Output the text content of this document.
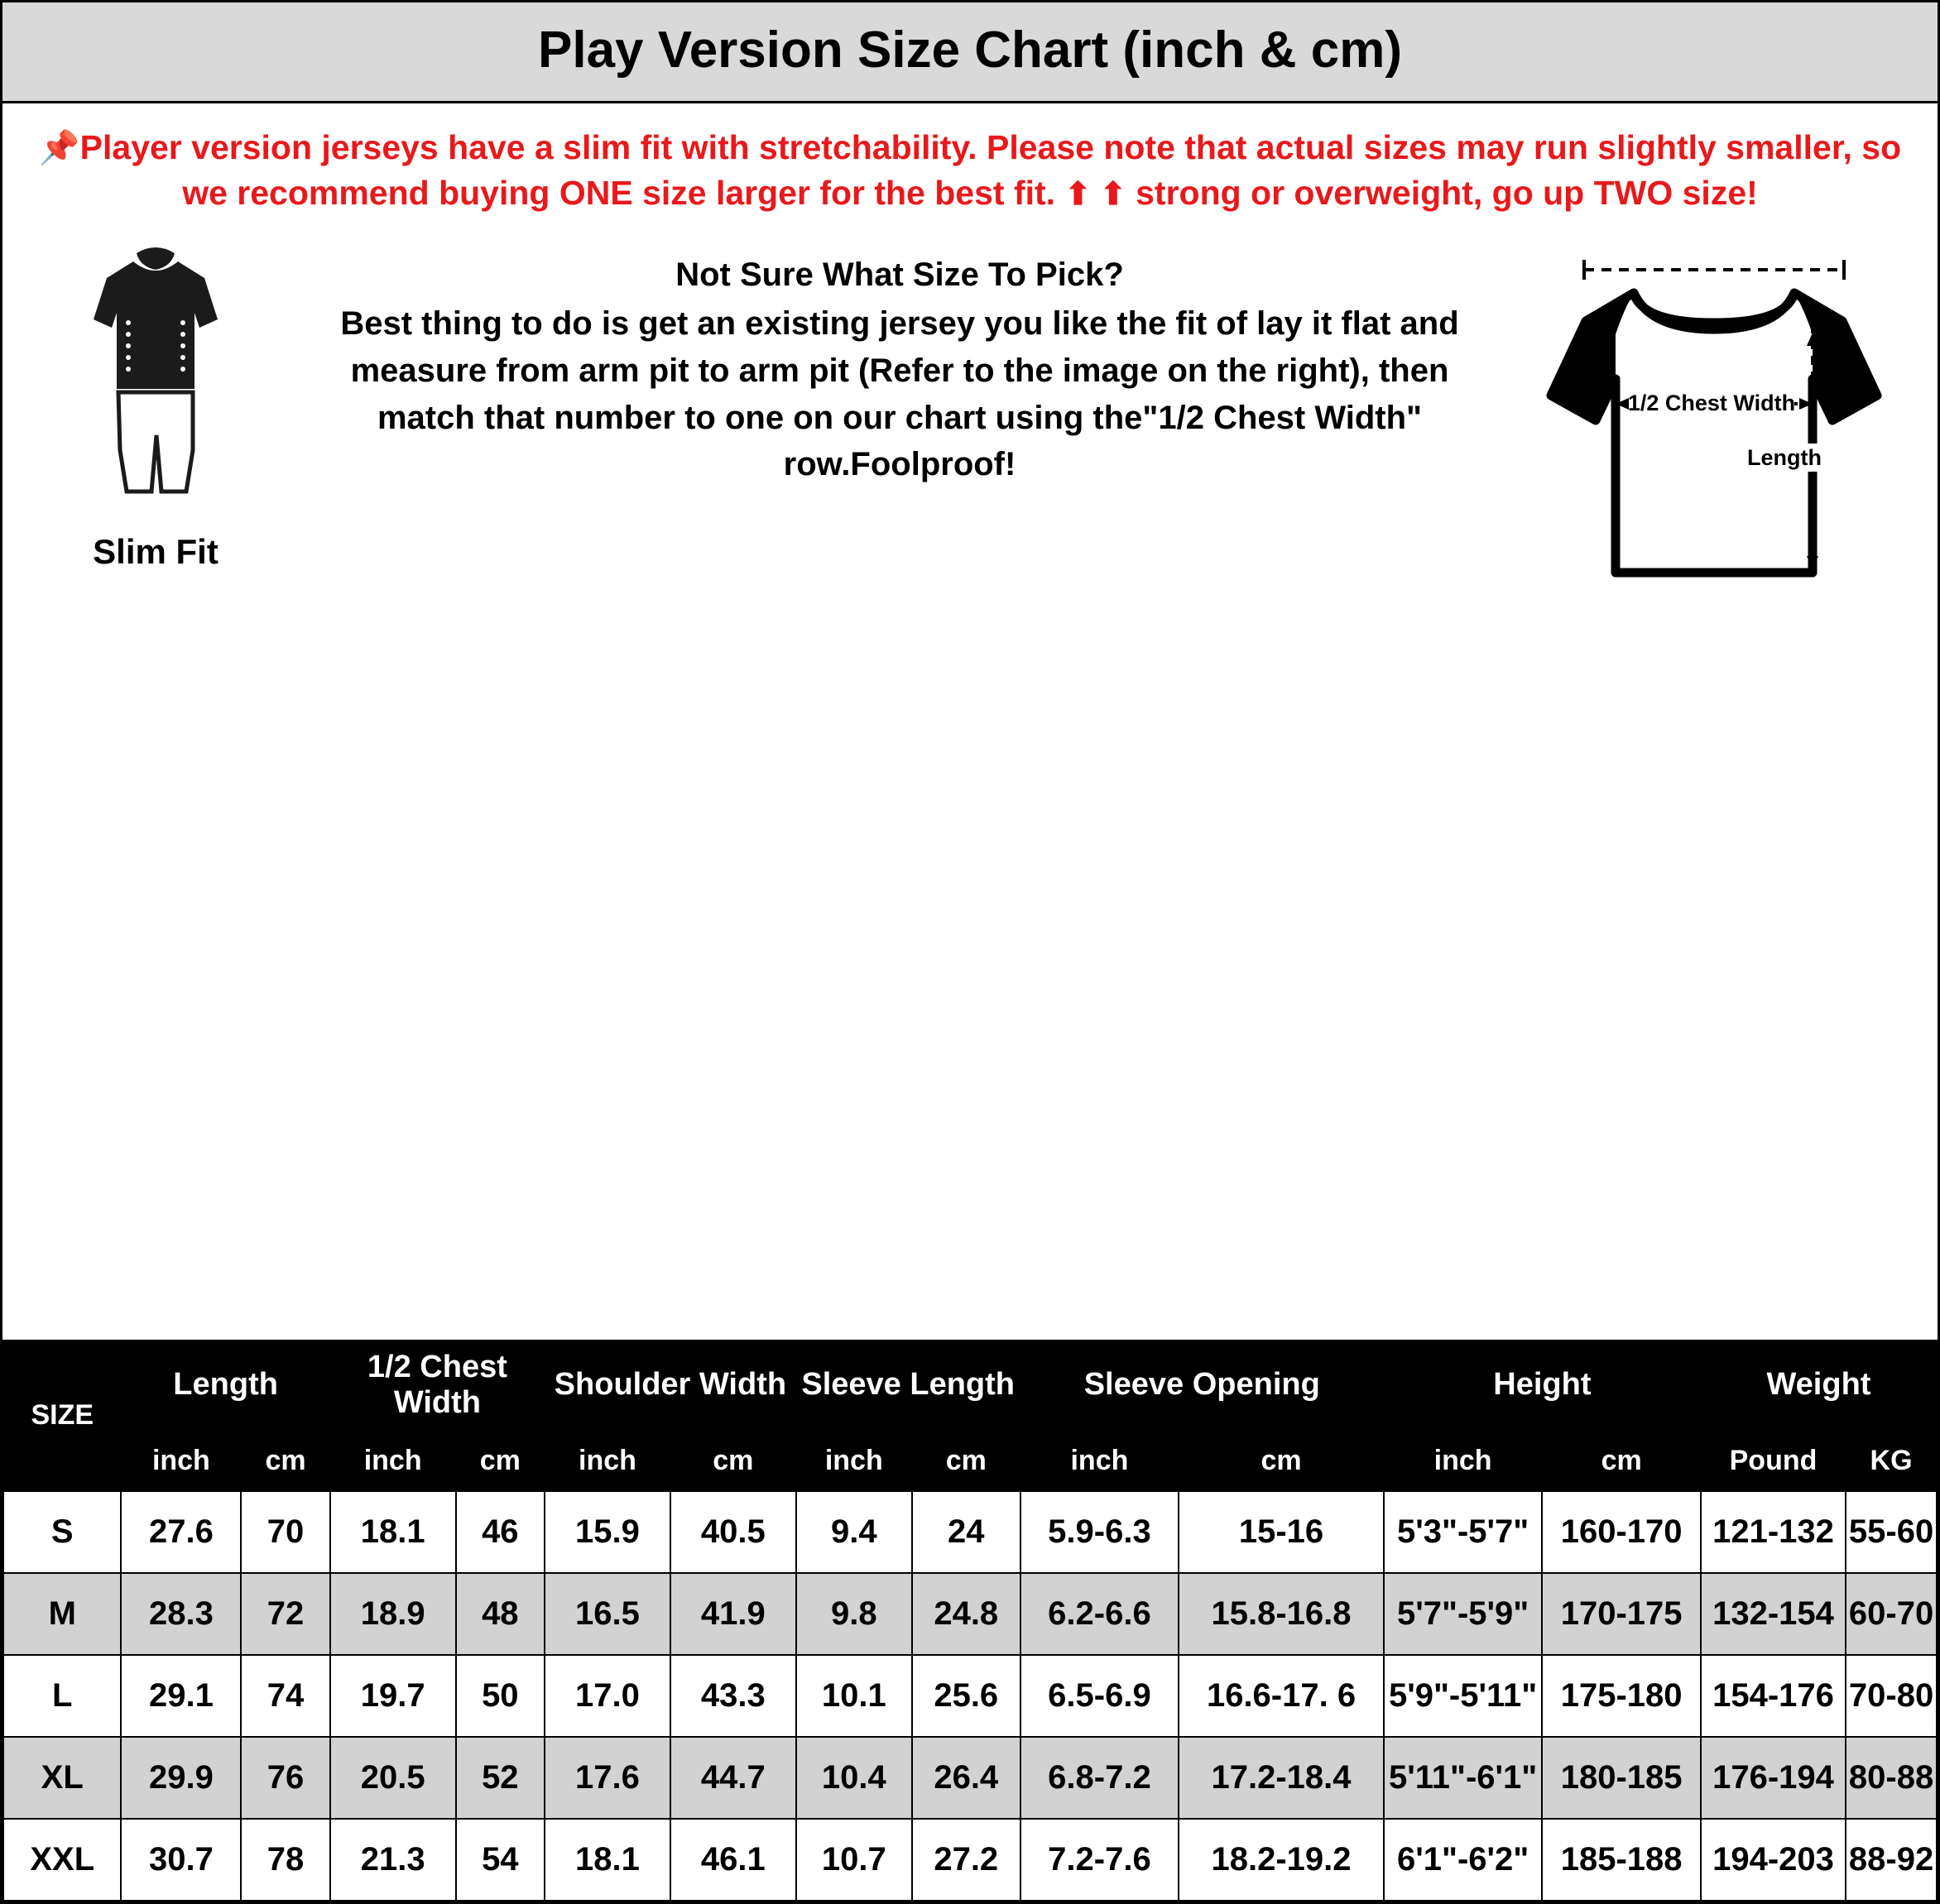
Play Version Size Chart (inch & cm)
📌Player version jerseys have a slim fit with stretchability. Please note that actual sizes may run slightly smaller, so we recommend buying ONE size larger for the best fit. ⬆ ⬆ strong or overweight, go up TWO size!
Slim Fit

Not Sure What Size To Pick?

Best thing to do is get an existing jersey you like the fit of lay it flat and measure from arm pit to arm pit (Refer to the image on the right), then match that number to one on our chart using the"1/2 Chest Width" row.Foolproof!

1/2 Chest Width
Length
SIZE	Length		1/2 Chest Width		Shoulder Width		Sleeve Length		Sleeve Opening		Height		Weight	
	inch	cm	inch	cm	inch	cm	inch	cm	inch	cm	inch	cm	Pound	KG
S	27.6	70	18.1	46	15.9	40.5	9.4	24	5.9-6.3	15-16	5'3"-5'7"	160-170	121-132	55-60
M	28.3	72	18.9	48	16.5	41.9	9.8	24.8	6.2-6.6	15.8-16.8	5'7"-5'9"	170-175	132-154	60-70
L	29.1	74	19.7	50	17.0	43.3	10.1	25.6	6.5-6.9	16.6-17. 6	5'9"-5'11"	175-180	154-176	70-80
XL	29.9	76	20.5	52	17.6	44.7	10.4	26.4	6.8-7.2	17.2-18.4	5'11"-6'1"	180-185	176-194	80-88
XXL	30.7	78	21.3	54	18.1	46.1	10.7	27.2	7.2-7.6	18.2-19.2	6'1"-6'2"	185-188	194-203	88-92
